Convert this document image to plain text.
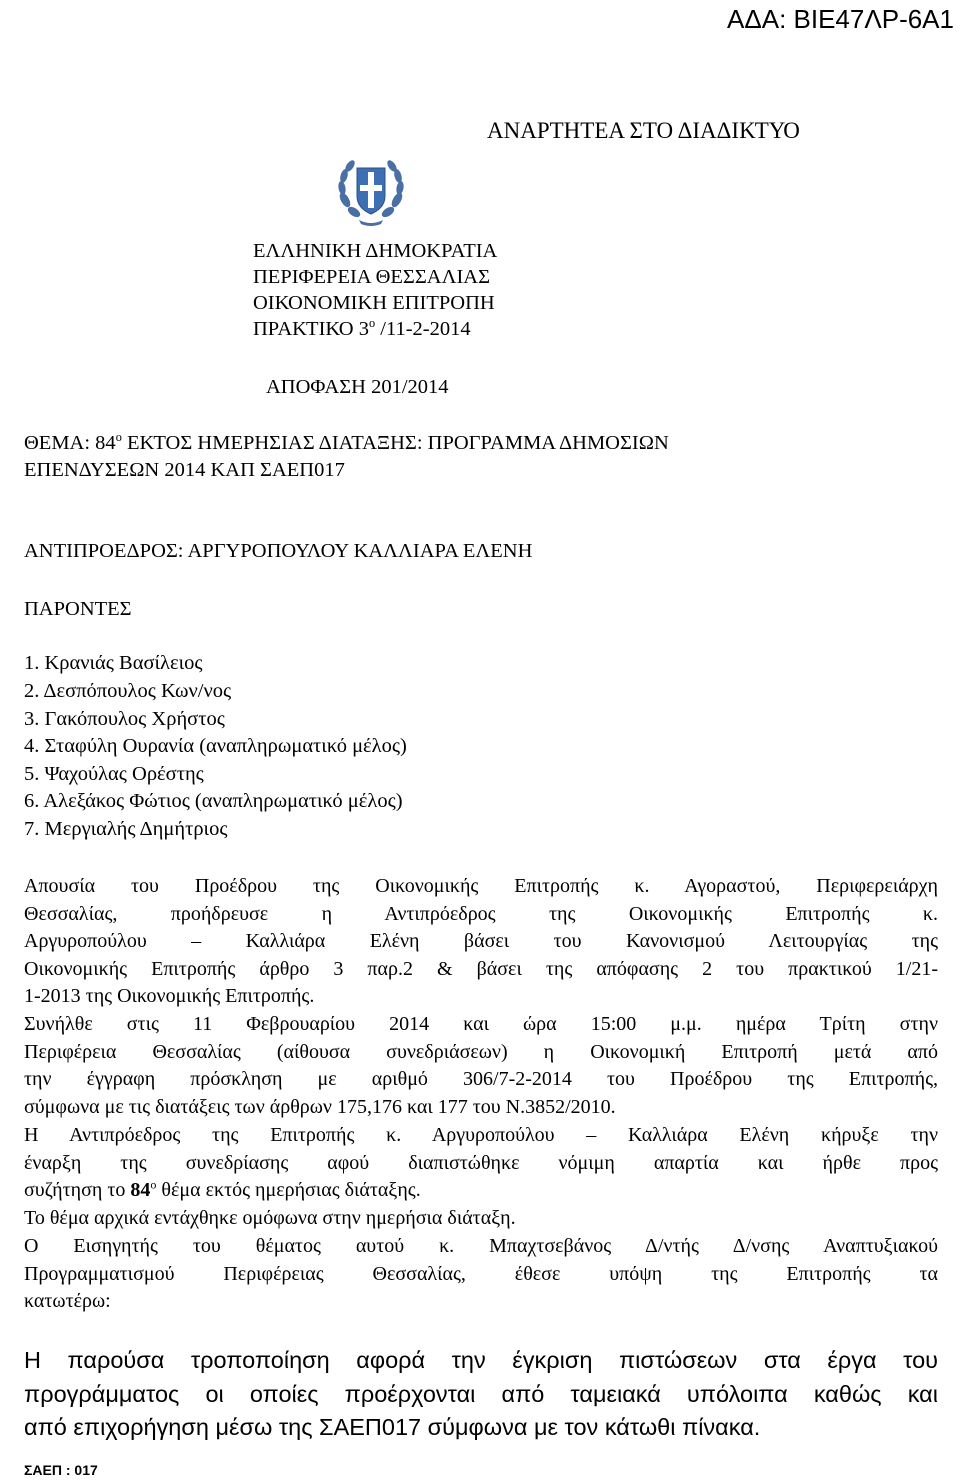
ΑΔΑ: ΒΙΕ47ΛΡ-6Α1
ΑΝΑΡΤΗΤΕΑ ΣΤΟ ΔΙΑΔΙΚΤΥΟ
ΕΛΛΗΝΙΚΗ ΔΗΜΟΚΡΑΤΙΑ
ΠΕΡΙΦΕΡΕΙΑ ΘΕΣΣΑΛΙΑΣ
ΟΙΚΟΝΟΜΙΚΗ ΕΠΙΤΡΟΠΗ
ΠΡΑΚΤΙΚΟ $3^o$ /11-2-2014
ΑΠΟΦΑΣΗ 201/2014
ΘΕΜΑ: $84^o$ ΕΚΤΟΣ ΗΜΕΡΗΣΙΑΣ ΔΙΑΤΑΞΗΣ: ΠΡΟΓΡΑΜΜΑ ΔΗΜΟΣΙΩΝ
ΕΠΕΝΔΥΣΕΩΝ 2014 ΚΑΠ ΣΑΕΠ017
ΑΝΤΙΠΡΟΕΔΡΟΣ: ΑΡΓΥΡΟΠΟΥΛΟΥ ΚΑΛΛΙΑΡΑ ΕΛΕΝΗ
ΠΑΡΟΝΤΕΣ
1. Κρανιάς Βασίλειος
2. Δεσπόπουλος Κων/νος
3. Γακόπουλος Χρήστος
4. Σταφύλη Ουρανία (αναπληρωματικό μέλος)
5. Ψαχούλας Ορέστης
6. Αλεξάκος Φώτιος (αναπληρωματικό μέλος)
7. Μεργιαλής Δημήτριος
Απουσία του Προέδρου της Οικονομικής Επιτροπής κ. Αγοραστού, Περιφερειάρχη
Θεσσαλίας, προήδρευσε η Αντιπρόεδρος της Οικονομικής Επιτροπής κ.
Αργυροπούλου – Καλλιάρα Ελένη βάσει του Κανονισμού Λειτουργίας της
Οικονομικής Επιτροπής άρθρο 3 παρ.2 & βάσει της απόφασης 2 του πρακτικού 1/21-
1-2013 της Οικονομικής Επιτροπής.
Συνήλθε στις 11 Φεβρουαρίου 2014 και ώρα 15:00 μ.μ. ημέρα Τρίτη στην
Περιφέρεια Θεσσαλίας (αίθουσα συνεδριάσεων) η Οικονομική Επιτροπή μετά από
την έγγραφη πρόσκληση με αριθμό 306/7-2-2014 του Προέδρου της Επιτροπής,
σύμφωνα με τις διατάξεις των άρθρων 175,176 και 177 του Ν.3852/2010.
Η Αντιπρόεδρος της Επιτροπής κ. Αργυροπούλου – Καλλιάρα Ελένη κήρυξε την
έναρξη της συνεδρίασης αφού διαπιστώθηκε νόμιμη απαρτία και ήρθε προς
συζήτηση το $84^o$ θέμα εκτός ημερήσιας διάταξης.
Το θέμα αρχικά εντάχθηκε ομόφωνα στην ημερήσια διάταξη.
Ο Εισηγητής του θέματος αυτού κ. Μπαχτσεβάνος Δ/ντής Δ/νσης Αναπτυξιακού
Προγραμματισμού Περιφέρειας Θεσσαλίας, έθεσε υπόψη της Επιτροπής τα
κατωτέρω:
Η παρούσα τροποποίηση αφορά την έγκριση πιστώσεων στα έργα του
προγράμματος οι οποίες προέρχονται από ταμειακά υπόλοιπα καθώς και
από επιχορήγηση μέσω της ΣΑΕΠ017 σύμφωνα με τον κάτωθι πίνακα.
ΣΑΕΠ : 017
